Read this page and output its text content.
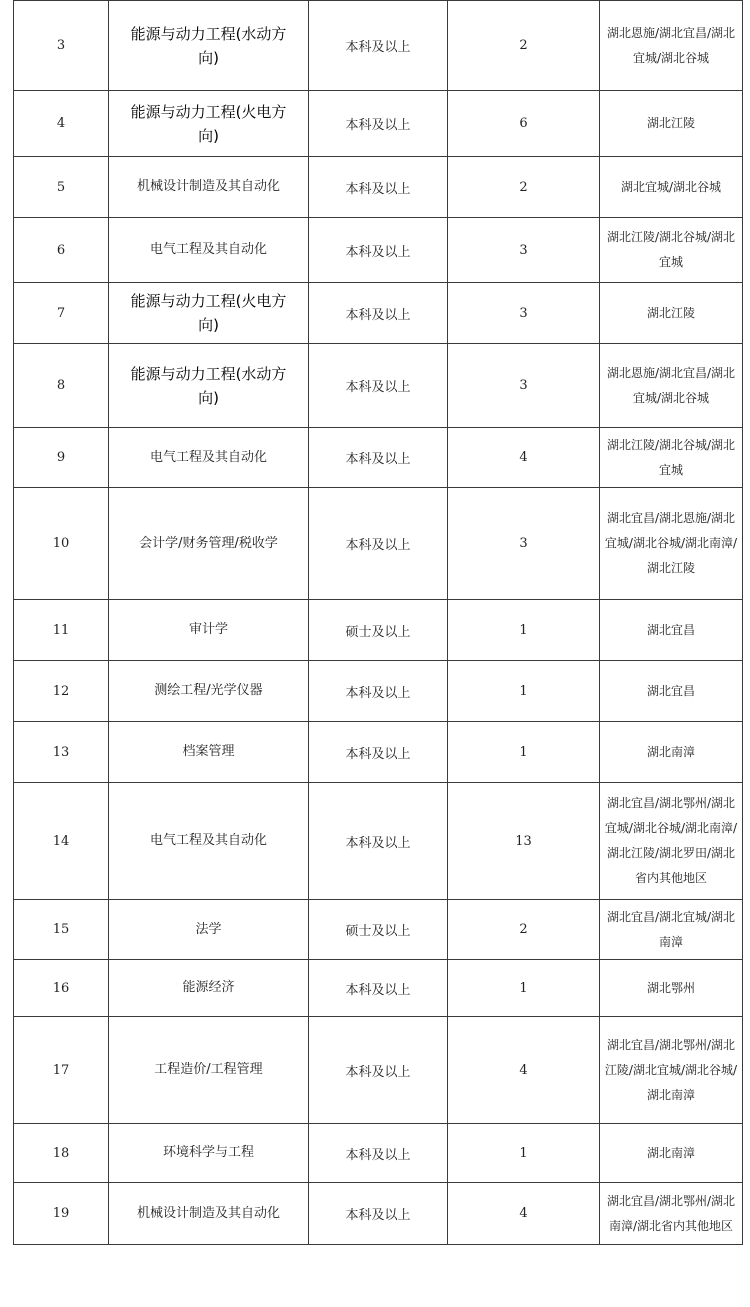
3	能源与动力工程(水动方向)	本科及以上	2	湖北恩施/湖北宜昌/湖北宜城/湖北谷城
4	能源与动力工程(火电方向)	本科及以上	6	湖北江陵
5	机械设计制造及其自动化	本科及以上	2	湖北宜城/湖北谷城
6	电气工程及其自动化	本科及以上	3	湖北江陵/湖北谷城/湖北宜城
7	能源与动力工程(火电方向)	本科及以上	3	湖北江陵
8	能源与动力工程(水动方向)	本科及以上	3	湖北恩施/湖北宜昌/湖北宜城/湖北谷城
9	电气工程及其自动化	本科及以上	4	湖北江陵/湖北谷城/湖北宜城
10	会计学/财务管理/税收学	本科及以上	3	湖北宜昌/湖北恩施/湖北宜城/湖北谷城/湖北南漳/湖北江陵
11	审计学	硕士及以上	1	湖北宜昌
12	测绘工程/光学仪器	本科及以上	1	湖北宜昌
13	档案管理	本科及以上	1	湖北南漳
14	电气工程及其自动化	本科及以上	13	湖北宜昌/湖北鄂州/湖北宜城/湖北谷城/湖北南漳/湖北江陵/湖北罗田/湖北省内其他地区
15	法学	硕士及以上	2	湖北宜昌/湖北宜城/湖北南漳
16	能源经济	本科及以上	1	湖北鄂州
17	工程造价/工程管理	本科及以上	4	湖北宜昌/湖北鄂州/湖北江陵/湖北宜城/湖北谷城/湖北南漳
18	环境科学与工程	本科及以上	1	湖北南漳
19	机械设计制造及其自动化	本科及以上	4	湖北宜昌/湖北鄂州/湖北南漳/湖北省内其他地区
